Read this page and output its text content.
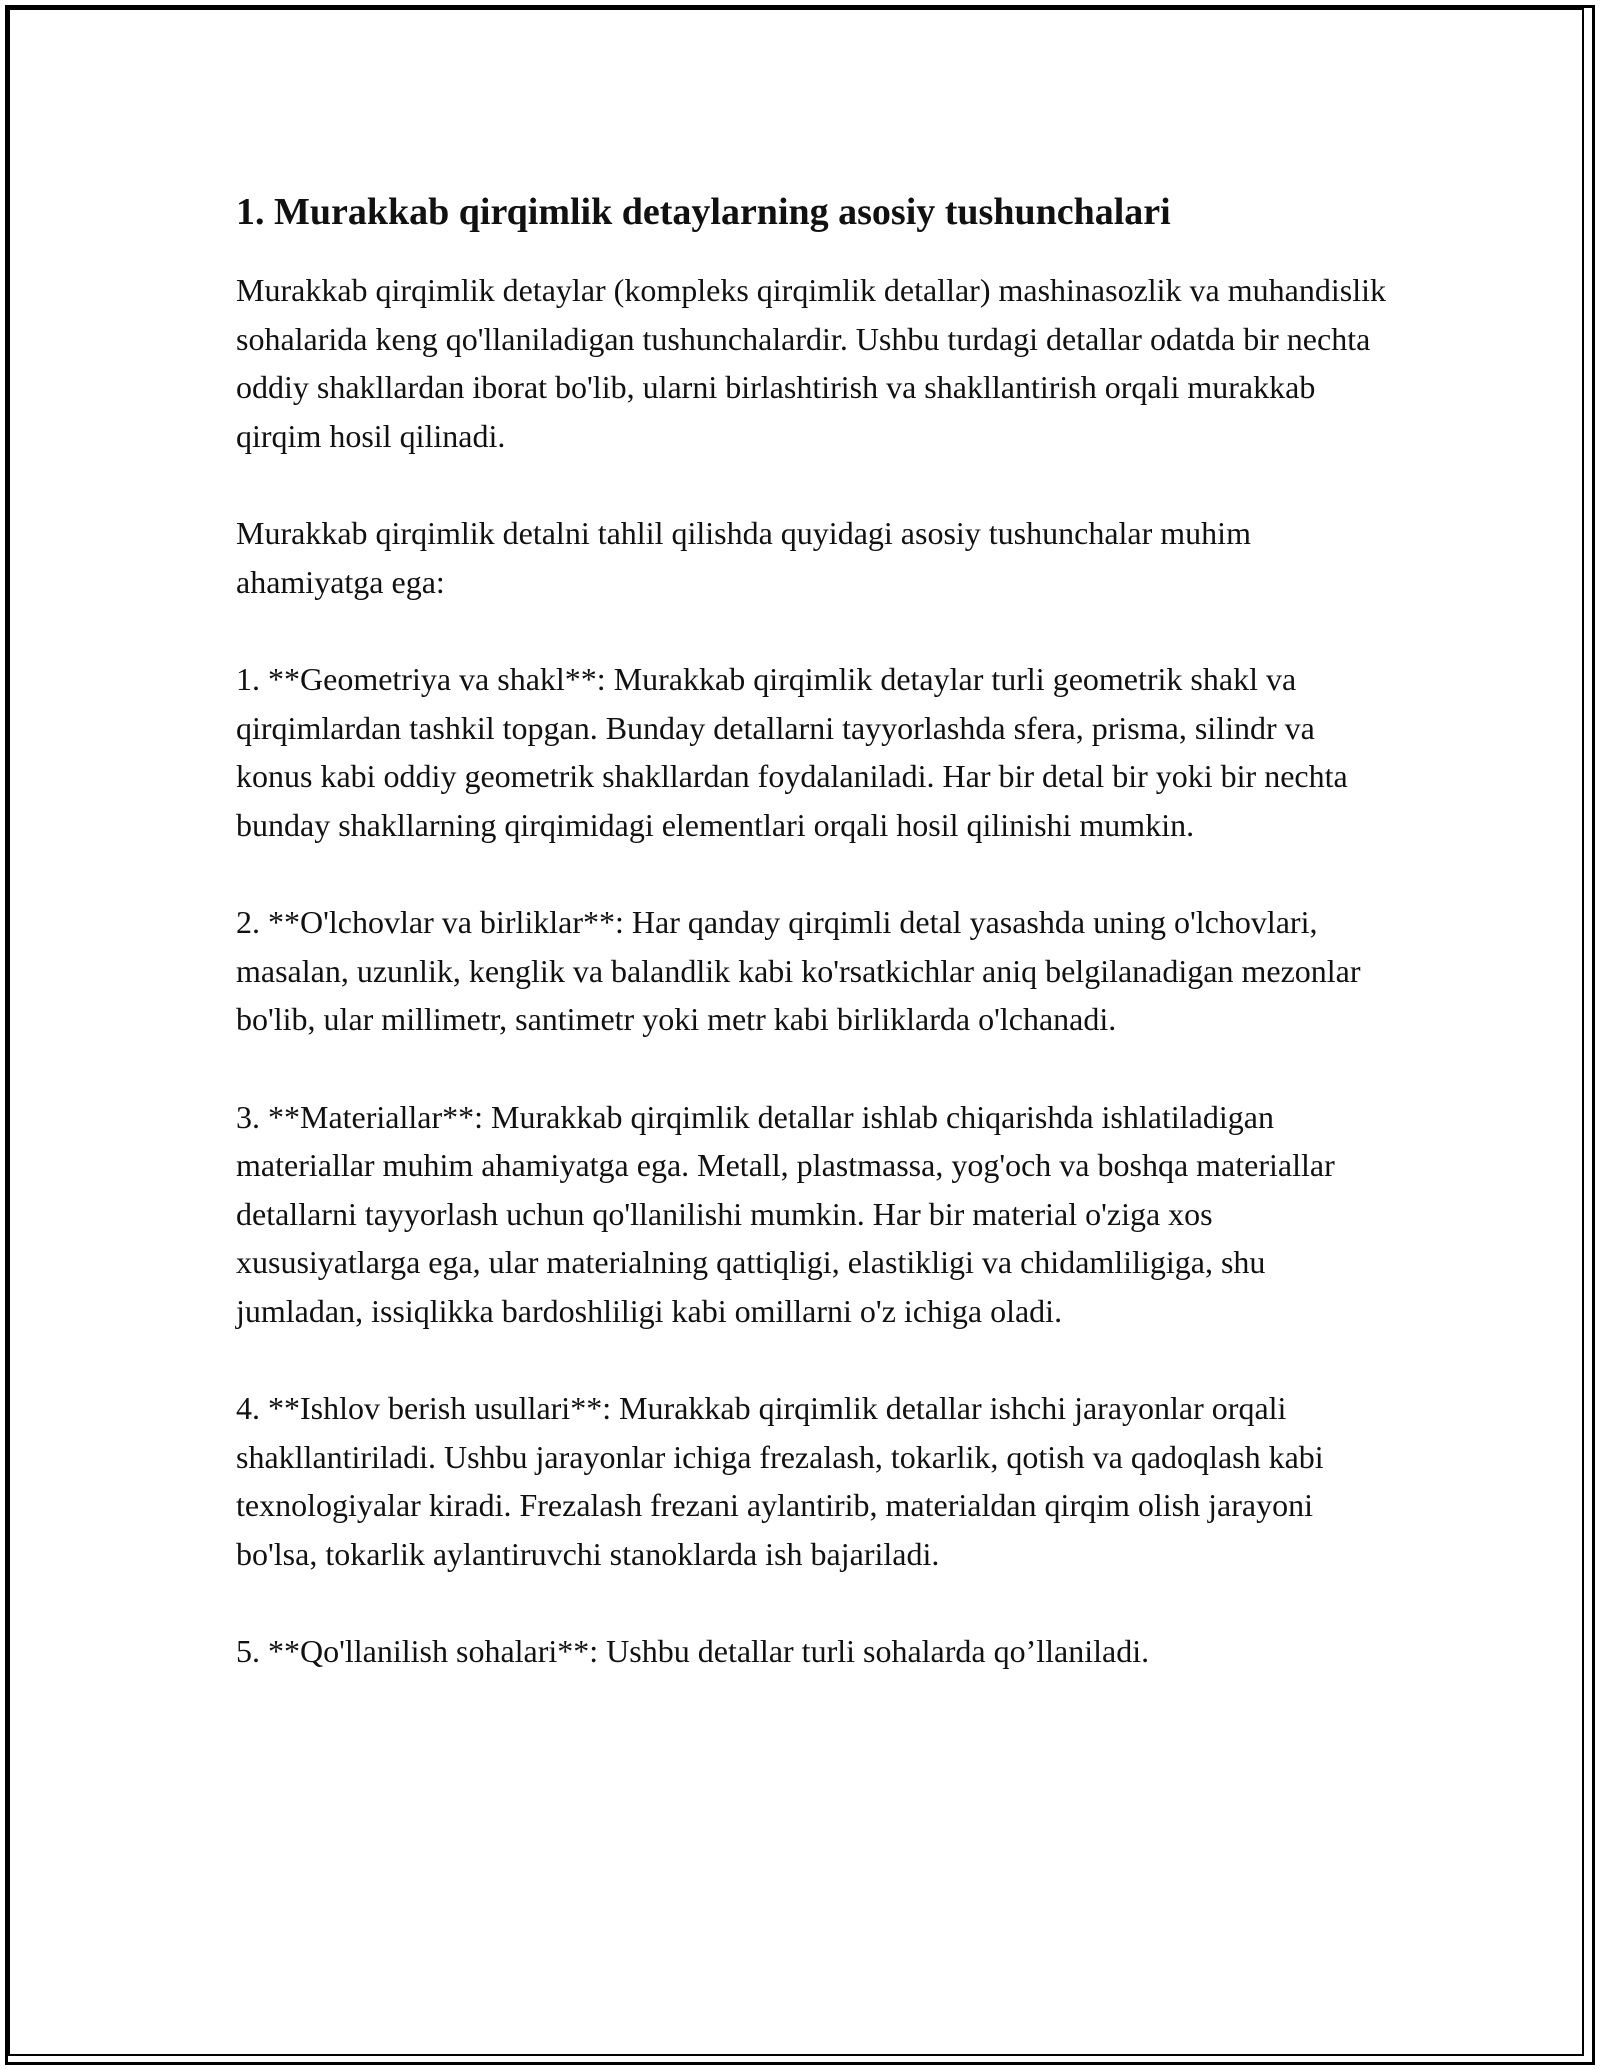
1. Murakkab qirqimlik detaylarning asosiy tushunchalari

Murakkab qirqimlik detaylar (kompleks qirqimlik detallar) mashinasozlik va muhandislik sohalarida keng qo'llaniladigan tushunchalardir. Ushbu turdagi detallar odatda bir nechta oddiy shakllardan iborat bo'lib, ularni birlashtirish va shakllantirish orqali murakkab qirqim hosil qilinadi.

Murakkab qirqimlik detalni tahlil qilishda quyidagi asosiy tushunchalar muhim ahamiyatga ega:

1. **Geometriya va shakl**: Murakkab qirqimlik detaylar turli geometrik shakl va qirqimlardan tashkil topgan. Bunday detallarni tayyorlashda sfera, prisma, silindr va konus kabi oddiy geometrik shakllardan foydalaniladi. Har bir detal bir yoki bir nechta bunday shakllarning qirqimidagi elementlari orqali hosil qilinishi mumkin.

2. **O'lchovlar va birliklar**: Har qanday qirqimli detal yasashda uning o'lchovlari, masalan, uzunlik, kenglik va balandlik kabi ko'rsatkichlar aniq belgilanadigan mezonlar bo'lib, ular millimetr, santimetr yoki metr kabi birliklarda o'lchanadi.

3. **Materiallar**: Murakkab qirqimlik detallar ishlab chiqarishda ishlatiladigan materiallar muhim ahamiyatga ega. Metall, plastmassa, yog'och va boshqa materiallar detallarni tayyorlash uchun qo'llanilishi mumkin. Har bir material o'ziga xos xususiyatlarga ega, ular materialning qattiqligi, elastikligi va chidamliligiga, shu jumladan, issiqlikka bardoshliligi kabi omillarni o'z ichiga oladi.

4. **Ishlov berish usullari**: Murakkab qirqimlik detallar ishchi jarayonlar orqali shakllantiriladi. Ushbu jarayonlar ichiga frezalash, tokarlik, qotish va qadoqlash kabi texnologiyalar kiradi. Frezalash frezani aylantirib, materialdan qirqim olish jarayoni bo'lsa, tokarlik aylantiruvchi stanoklarda ish bajariladi.

5. **Qo'llanilish sohalari**: Ushbu detallar turli sohalarda qo’llaniladi.
